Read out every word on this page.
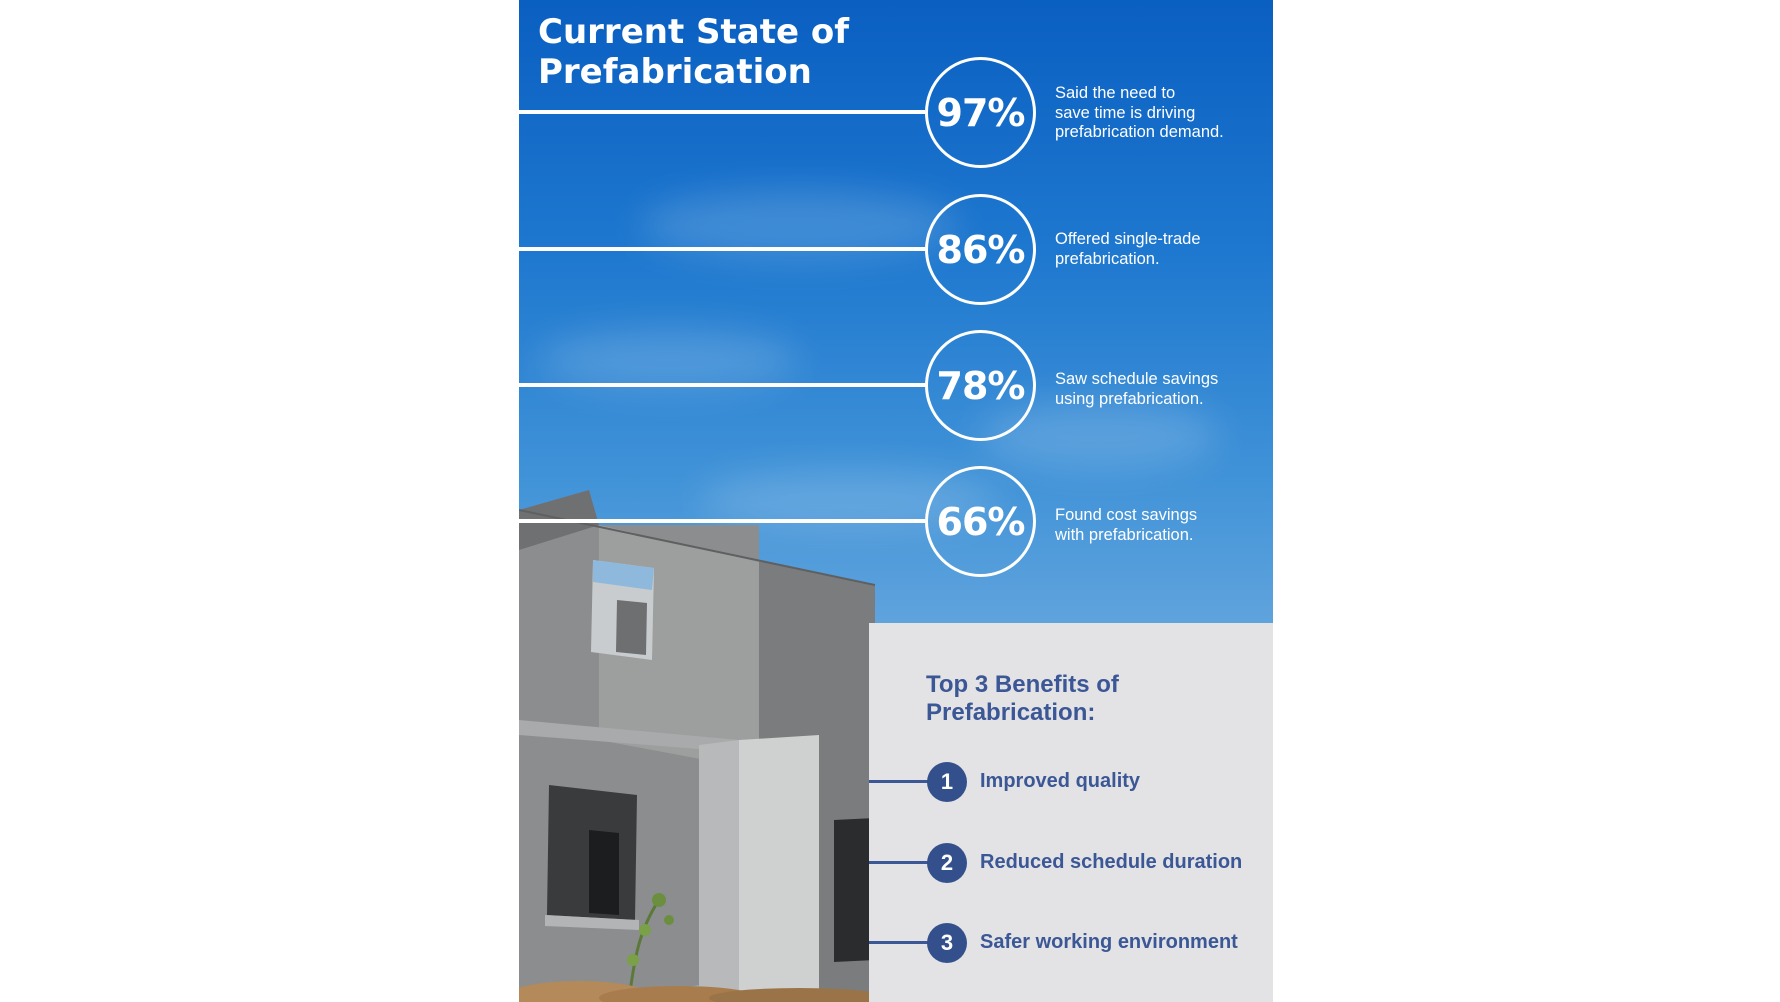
Current State of Prefabrication
97%	Said the need to
save time is driving
prefabrication demand.
86%	Offered single-trade
prefabrication.
78%	Saw schedule savings
using prefabrication.
66%	Found cost savings
with prefabrication.
Top 3 Benefits of Prefabrication:
1	Improved quality
2	Reduced schedule duration
3	Safer working environment
